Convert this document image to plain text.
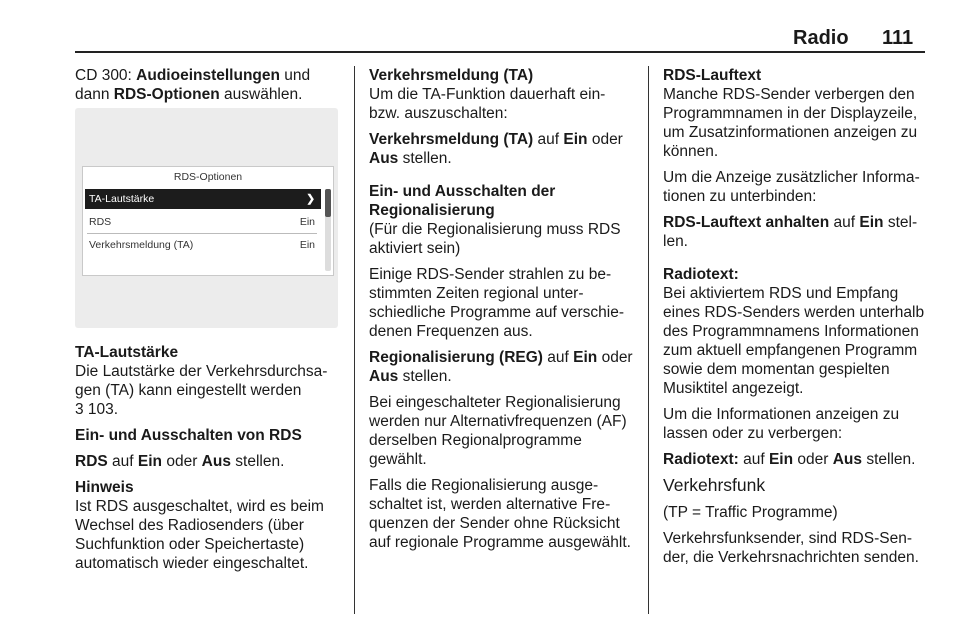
Radio 111

CD 300: Audioeinstellungen und dann RDS-Optionen auswählen.

RDS-Optionen
TA-Lautstärke	❯
RDS	Ein
Verkehrsmeldung (TA)	Ein

TA-Lautstärke
Die Lautstärke der Verkehrsdurchsagen (TA) kann eingestellt werden
3 103.

Ein- und Ausschalten von RDS

RDS auf Ein oder Aus stellen.

Hinweis
Ist RDS ausgeschaltet, wird es beim Wechsel des Radiosenders (über Suchfunktion oder Speichertaste) automatisch wieder eingeschaltet.

Verkehrsmeldung (TA)
Um die TA-Funktion dauerhaft ein- bzw. auszuschalten:

Verkehrsmeldung (TA) auf Ein oder Aus stellen.

Ein- und Ausschalten der Regionalisierung
(Für die Regionalisierung muss RDS aktiviert sein)

Einige RDS-Sender strahlen zu bestimmten Zeiten regional unterschiedliche Programme auf verschiedenen Frequenzen aus.

Regionalisierung (REG) auf Ein oder Aus stellen.

Bei eingeschalteter Regionalisierung werden nur Alternativfrequenzen (AF) derselben Regionalprogramme gewählt.

Falls die Regionalisierung ausgeschaltet ist, werden alternative Frequenzen der Sender ohne Rücksicht auf regionale Programme ausgewählt.

RDS-Lauftext
Manche RDS-Sender verbergen den Programmnamen in der Displayzeile, um Zusatzinformationen anzeigen zu können.

Um die Anzeige zusätzlicher Informationen zu unterbinden:

RDS-Lauftext anhalten auf Ein stellen.

Radiotext:
Bei aktiviertem RDS und Empfang eines RDS-Senders werden unterhalb des Programmnamens Informationen zum aktuell empfangenen Programm sowie dem momentan gespielten Musiktitel angezeigt.

Um die Informationen anzeigen zu lassen oder zu verbergen:

Radiotext: auf Ein oder Aus stellen.

Verkehrsfunk

(TP = Traffic Programme)

Verkehrsfunksender, sind RDS-Sender, die Verkehrsnachrichten senden.
